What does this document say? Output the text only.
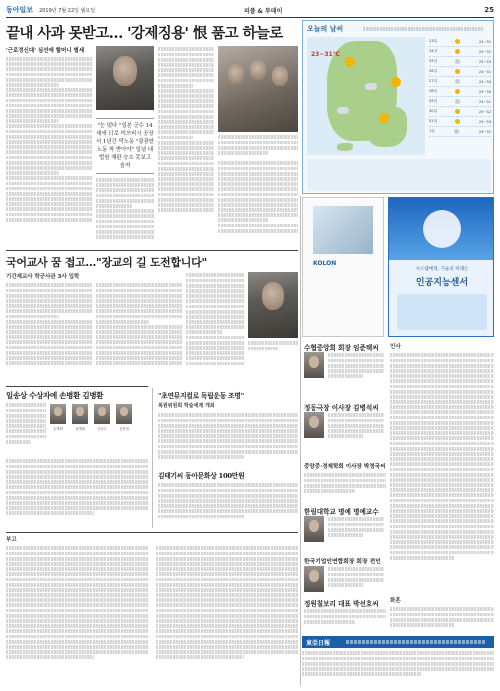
동아일보 2019년 7월 22일 월요일	피플 & 투데이	25
끝내 사과 못받고… '강제징용' 恨 품고 하늘로
'근로정신대' 심선애 할머니 별세
"눈 떴다 "일본 군수 14세에 日로 미쓰비시 공장서 1년간 막노동 "광광한 노동 착 받아야" 일념 대법원 재판 승소 못보고 숨져
오늘의 날씨
23~31℃
23일	24~31
24일	25~32
25일	25~33
26일	24~31
27일	24~30
28일	23~30
29일	24~31
30일	25~32
31일	25~33
1일	24~32
KOLON
시스템에게, 기술의 미래는
인공지능센서
국어교사 꿈 접고…"장교의 길 도전합니다"
기간제교사 학군사관 3사 입학
일송상 수상자에 손병환 김병환
손병환	김병환	김성우	심용철
"초연뮤지컬로 독립운동 조명"
복원위원회 학술세계 개최
김태기씨 동아문화상 100만원
부고
수협중앙회 회장 임준택씨
정동극장 이사장 김병석씨
중앙중·경제학회 이사장 박정국씨
한림대학교 명예 명예교수
한국기업인연합회장 회장 전인
정원칠보리 대표 박선호씨
인사
화혼
東亞日報
